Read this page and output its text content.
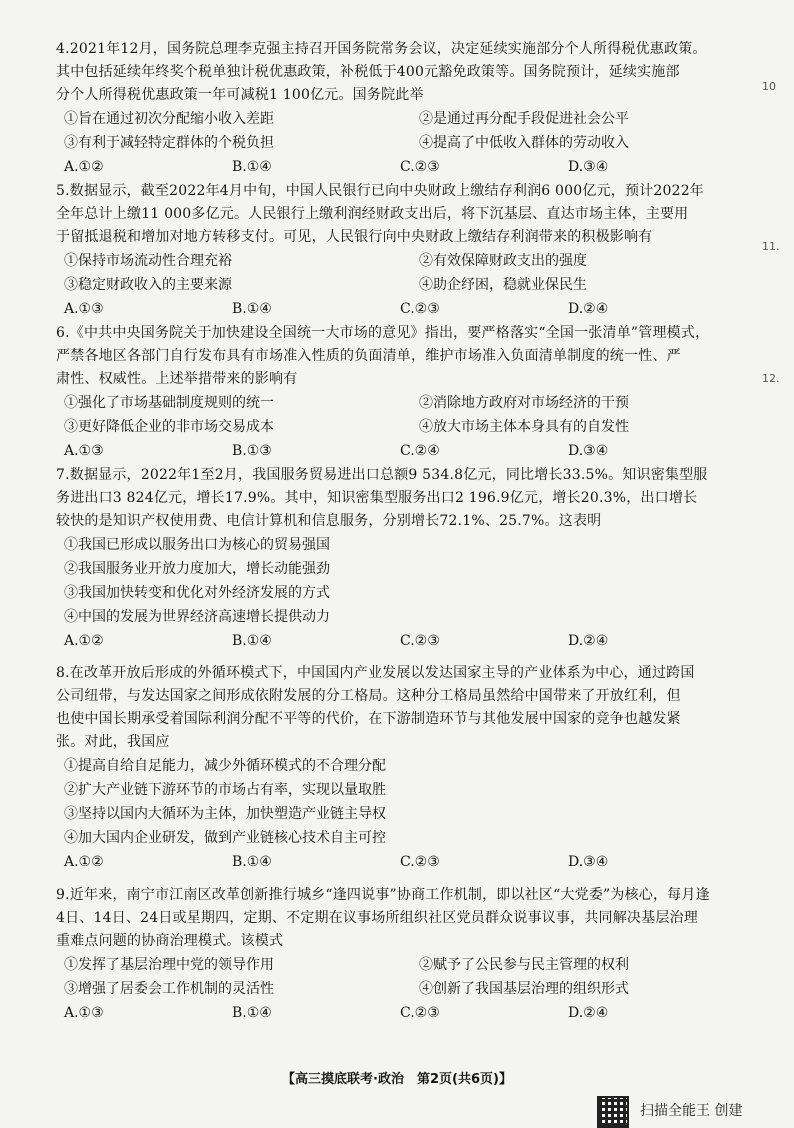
4.2021年12月，国务院总理李克强主持召开国务院常务会议，决定延续实施部分个人所得税优惠政策。
其中包括延续年终奖个税单独计税优惠政策，补税低于400元豁免政策等。国务院预计，延续实施部
分个人所得税优惠政策一年可减税1 100亿元。国务院此举
①旨在通过初次分配缩小收入差距	②是通过再分配手段促进社会公平
③有利于减轻特定群体的个税负担	④提高了中低收入群体的劳动收入
A.①②	B.①④	C.②③	D.③④
5.数据显示，截至2022年4月中旬，中国人民银行已向中央财政上缴结存利润6 000亿元，预计2022年
全年总计上缴11 000多亿元。人民银行上缴利润经财政支出后，将下沉基层、直达市场主体，主要用
于留抵退税和增加对地方转移支付。可见，人民银行向中央财政上缴结存利润带来的积极影响有
①保持市场流动性合理充裕	②有效保障财政支出的强度
③稳定财政收入的主要来源	④助企纾困，稳就业保民生
A.①③	B.①④	C.②③	D.②④
6.《中共中央国务院关于加快建设全国统一大市场的意见》指出，要严格落实“全国一张清单”管理模式，
严禁各地区各部门自行发布具有市场准入性质的负面清单，维护市场准入负面清单制度的统一性、严
肃性、权威性。上述举措带来的影响有
①强化了市场基础制度规则的统一	②消除地方政府对市场经济的干预
③更好降低企业的非市场交易成本	④放大市场主体本身具有的自发性
A.①③	B.①③	C.②④	D.③④
7.数据显示，2022年1至2月，我国服务贸易进出口总额9 534.8亿元，同比增长33.5%。知识密集型服
务进出口3 824亿元，增长17.9%。其中，知识密集型服务出口2 196.9亿元，增长20.3%，出口增长
较快的是知识产权使用费、电信计算机和信息服务，分别增长72.1%、25.7%。这表明
①我国已形成以服务出口为核心的贸易强国
②我国服务业开放力度加大，增长动能强劲
③我国加快转变和优化对外经济发展的方式
④中国的发展为世界经济高速增长提供动力
A.①②	B.①④	C.②③	D.②④
8.在改革开放后形成的外循环模式下，中国国内产业发展以发达国家主导的产业体系为中心，通过跨国
公司纽带，与发达国家之间形成依附发展的分工格局。这种分工格局虽然给中国带来了开放红利，但
也使中国长期承受着国际利润分配不平等的代价，在下游制造环节与其他发展中国家的竞争也越发紧
张。对此，我国应
①提高自给自足能力，减少外循环模式的不合理分配
②扩大产业链下游环节的市场占有率，实现以量取胜
③坚持以国内大循环为主体，加快塑造产业链主导权
④加大国内企业研发，做到产业链核心技术自主可控
A.①②	B.①④	C.②③	D.③④
9.近年来，南宁市江南区改革创新推行城乡“逢四说事”协商工作机制，即以社区“大党委”为核心，每月逢
4日、14日、24日或星期四，定期、不定期在议事场所组织社区党员群众说事议事，共同解决基层治理
重难点问题的协商治理模式。该模式
①发挥了基层治理中党的领导作用	②赋予了公民参与民主管理的权利
③增强了居委会工作机制的灵活性	④创新了我国基层治理的组织形式
A.①③	B.①④	C.②③	D.②④
【高三摸底联考·政治　第2页(共6页)】
扫描全能王 创建
10
11.
12.
